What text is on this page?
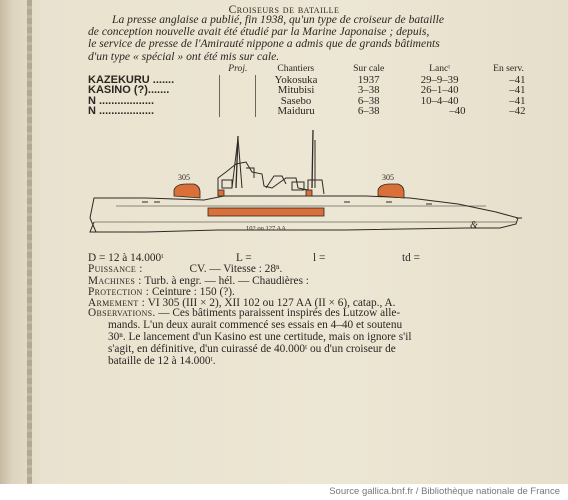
Croiseurs de bataille
La presse anglaise a publié, fin 1938, qu'un type de croiseur de bataille
de conception nouvelle avait été étudié par la Marine Japonaise ; depuis,
le service de presse de l'Amirauté nippone a admis que de grands bâtiments
d'un type « spécial » ont été mis sur cale.
	Proj.	Chantiers	Sur cale	Lancᵗ	En serv.
KAZEKURU .......		Yokosuka	1937	29–9–39	–41
KASINO (?).......		Mitubisi	3–38	26–1–40	–41
N ..................		Sasebo	6–38	10–4–40	–41
N ..................		Maiduru	6–38	–40	–42
305	305
102 ou 127 AA	&
D = 12 à 14.000ᵗ	L =	l =	td =
Puissance :	CV. — Vitesse : 28ⁿ.
Machines : Turb. à engr. — hél. — Chaudières :
Protection : Ceinture : 150 (?).
Armement : VI 305 (III × 2), XII 102 ou 127 AA (II × 6), catap., A.
Observations. — Ces bâtiments paraissent inspirés des Lutzow alle-
mands. L'un deux aurait commencé ses essais en 4–40 et soutenu
30ⁿ. Le lancement d'un Kasino est une certitude, mais on ignore s'il
s'agit, en définitive, d'un cuirassé de 40.000ᵗ ou d'un croiseur de
bataille de 12 à 14.000ᵗ.
Source gallica.bnf.fr / Bibliothèque nationale de France
